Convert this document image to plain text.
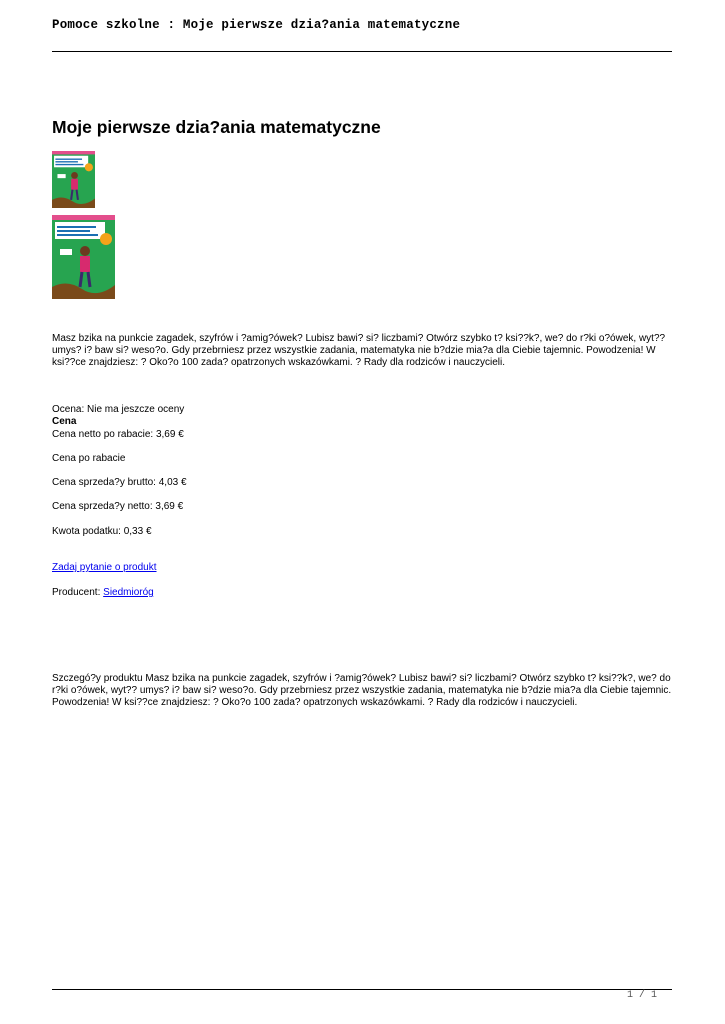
Pomoce szkolne : Moje pierwsze dzia?ania matematyczne
Moje pierwsze dzia?ania matematyczne
Masz bzika na punkcie zagadek, szyfrów i ?amig?ówek? Lubisz bawi? si? liczbami? Otwórz szybko t? ksi??k?, we? do r?ki o?ówek, wyt?? umys? i? baw si? weso?o. Gdy przebrniesz przez wszystkie zadania, matematyka nie b?dzie mia?a dla Ciebie tajemnic. Powodzenia! W ksi??ce znajdziesz: ? Oko?o 100 zada? opatrzonych wskazówkami. ? Rady dla rodziców i nauczycieli.
Ocena: Nie ma jeszcze oceny
Cena
Cena netto po rabacie: 3,69 €
Cena po rabacie
Cena sprzeda?y brutto: 4,03 €
Cena sprzeda?y netto: 3,69 €
Kwota podatku: 0,33 €
Zadaj pytanie o produkt
Producent: Siedmioróg
Szczegó?y produktu Masz bzika na punkcie zagadek, szyfrów i ?amig?ówek? Lubisz bawi? si? liczbami? Otwórz szybko t? ksi??k?, we? do r?ki o?ówek, wyt?? umys? i? baw si? weso?o. Gdy przebrniesz przez wszystkie zadania, matematyka nie b?dzie mia?a dla Ciebie tajemnic. Powodzenia! W ksi??ce znajdziesz: ? Oko?o 100 zada? opatrzonych wskazówkami. ? Rady dla rodziców i nauczycieli.
1 / 1
